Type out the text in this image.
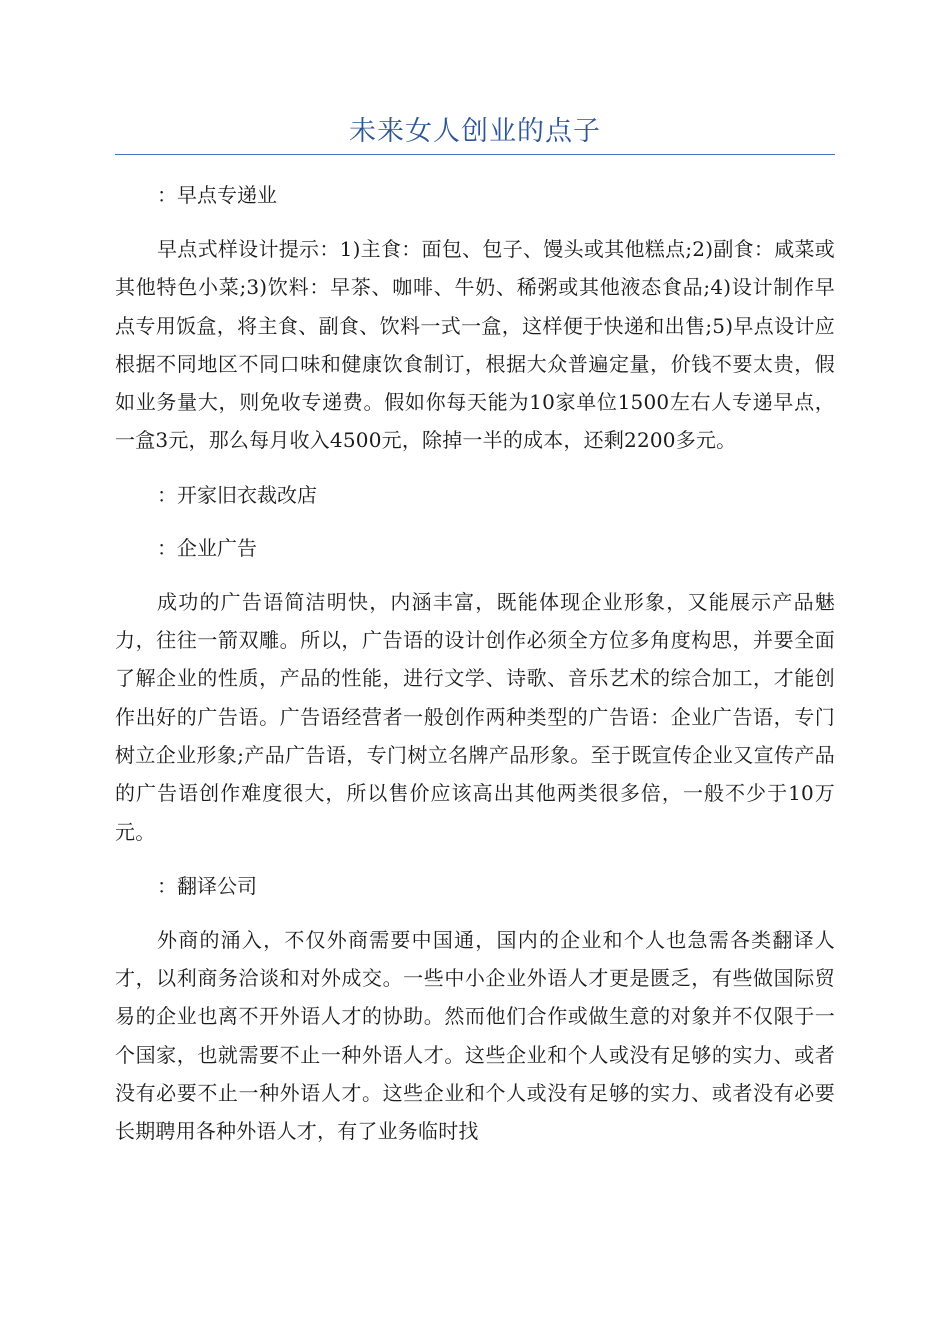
未来女人创业的点子

：早点专递业

早点式样设计提示：1)主食：面包、包子、馒头或其他糕点;2)副食：咸菜或其他特色小菜;3)饮料：早茶、咖啡、牛奶、稀粥或其他液态食品;4)设计制作早点专用饭盒，将主食、副食、饮料一式一盒，这样便于快递和出售;5)早点设计应根据不同地区不同口味和健康饮食制订，根据大众普遍定量，价钱不要太贵，假如业务量大，则免收专递费。假如你每天能为10家单位1500左右人专递早点，一盒3元，那么每月收入4500元，除掉一半的成本，还剩2200多元。

：开家旧衣裁改店

：企业广告

成功的广告语简洁明快，内涵丰富，既能体现企业形象，又能展示产品魅力，往往一箭双雕。所以，广告语的设计创作必须全方位多角度构思，并要全面了解企业的性质，产品的性能，进行文学、诗歌、音乐艺术的综合加工，才能创作出好的广告语。广告语经营者一般创作两种类型的广告语：企业广告语，专门树立企业形象;产品广告语，专门树立名牌产品形象。至于既宣传企业又宣传产品的广告语创作难度很大，所以售价应该高出其他两类很多倍，一般不少于10万元。

：翻译公司

外商的涌入，不仅外商需要中国通，国内的企业和个人也急需各类翻译人才，以利商务洽谈和对外成交。一些中小企业外语人才更是匮乏，有些做国际贸易的企业也离不开外语人才的协助。然而他们合作或做生意的对象并不仅限于一个国家，也就需要不止一种外语人才。这些企业和个人或没有足够的实力、或者没有必要不止一种外语人才。这些企业和个人或没有足够的实力、或者没有必要长期聘用各种外语人才，有了业务临时找
